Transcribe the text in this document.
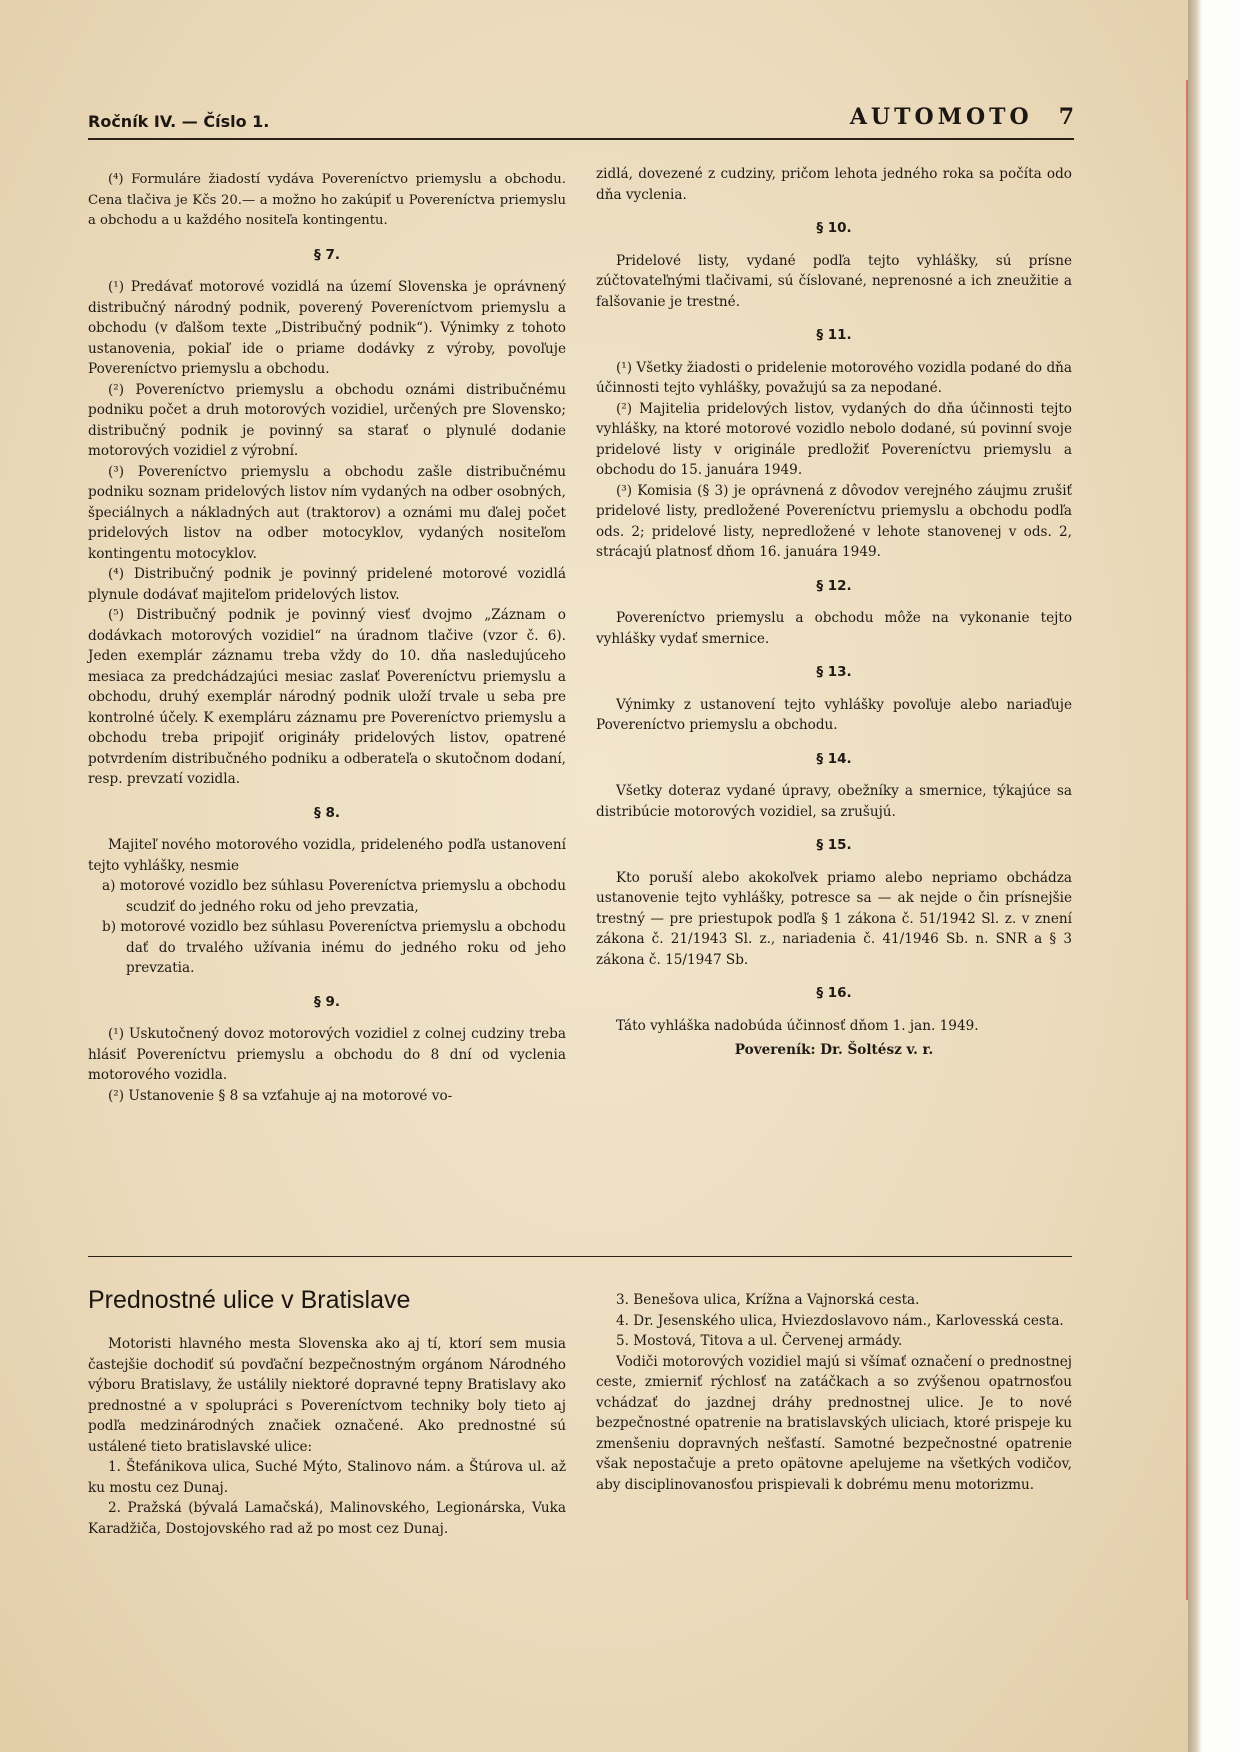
Ročník IV. — Číslo 1.	AUTOMOTO 7

(⁴) Formuláre žiadostí vydáva Povereníctvo priemyslu a obchodu. Cena tlačiva je Kčs 20.— a možno ho zakúpiť u Povereníctva priemyslu a obchodu a u každého nositeľa kontingentu.

§ 7.

(¹) Predávať motorové vozidlá na území Slovenska je oprávnený distribučný národný podnik, poverený Povereníctvom priemyslu a obchodu (v ďalšom texte „Distribučný podnik“). Výnimky z tohoto ustanovenia, pokiaľ ide o priame dodávky z výroby, povoľuje Povereníctvo priemyslu a obchodu.

(²) Povereníctvo priemyslu a obchodu oznámi distribučnému podniku počet a druh motorových vozidiel, určených pre Slovensko; distribučný podnik je povinný sa starať o plynulé dodanie motorových vozidiel z výrobní.

(³) Povereníctvo priemyslu a obchodu zašle distribučnému podniku soznam pridelových listov ním vydaných na odber osobných, špeciálnych a nákladných aut (traktorov) a oznámi mu ďalej počet pridelových listov na odber motocyklov, vydaných nositeľom kontingentu motocyklov.

(⁴) Distribučný podnik je povinný pridelené motorové vozidlá plynule dodávať majiteľom pridelových listov.

(⁵) Distribučný podnik je povinný viesť dvojmo „Záznam o dodávkach motorových vozidiel“ na úradnom tlačive (vzor č. 6). Jeden exemplár záznamu treba vždy do 10. dňa nasledujúceho mesiaca za predchádzajúci mesiac zaslať Povereníctvu priemyslu a obchodu, druhý exemplár národný podnik uloží trvale u seba pre kontrolné účely. K exempláru záznamu pre Povereníctvo priemyslu a obchodu treba pripojiť origináły pridelových listov, opatrené potvrdením distribučného podniku a odberateľa o skutočnom dodaní, resp. prevzatí vozidla.

§ 8.

Majiteľ nového motorového vozidla, prideleného podľa ustanovení tejto vyhlášky, nesmie

a) motorové vozidlo bez súhlasu Povereníctva priemyslu a obchodu scudziť do jedného roku od jeho prevzatia,
b) motorové vozidlo bez súhlasu Povereníctva priemyslu a obchodu dať do trvalého užívania inému do jedného roku od jeho prevzatia.
§ 9.

(¹) Uskutočnený dovoz motorových vozidiel z colnej cudziny treba hlásiť Povereníctvu priemyslu a obchodu do 8 dní od vyclenia motorového vozidla.

(²) Ustanovenie § 8 sa vzťahuje aj na motorové vo-

zidlá, dovezené z cudziny, pričom lehota jedného roka sa počíta odo dňa vyclenia.

§ 10.

Pridelové listy, vydané podľa tejto vyhlášky, sú prísne zúčtovateľnými tlačivami, sú číslované, neprenosné a ich zneužitie a falšovanie je trestné.

§ 11.

(¹) Všetky žiadosti o pridelenie motorového vozidla podané do dňa účinnosti tejto vyhlášky, považujú sa za nepodané.

(²) Majitelia pridelových listov, vydaných do dňa účinnosti tejto vyhlášky, na ktoré motorové vozidlo nebolo dodané, sú povinní svoje pridelové listy v originále predložiť Povereníctvu priemyslu a obchodu do 15. januára 1949.

(³) Komisia (§ 3) je oprávnená z dôvodov verejného záujmu zrušiť pridelové listy, predložené Povereníctvu priemyslu a obchodu podľa ods. 2; pridelové listy, nepredložené v lehote stanovenej v ods. 2, strácajú platnosť dňom 16. januára 1949.

§ 12.

Povereníctvo priemyslu a obchodu môže na vykonanie tejto vyhlášky vydať smernice.

§ 13.

Výnimky z ustanovení tejto vyhlášky povoľuje alebo nariaďuje Povereníctvo priemyslu a obchodu.

§ 14.

Všetky doteraz vydané úpravy, obežníky a smernice, týkajúce sa distribúcie motorových vozidiel, sa zrušujú.

§ 15.

Kto poruší alebo akokoľvek priamo alebo nepriamo obchádza ustanovenie tejto vyhlášky, potresce sa — ak nejde o čin prísnejšie trestný — pre priestupok podľa § 1 zákona č. 51/1942 Sl. z. v znení zákona č. 21/1943 Sl. z., nariadenia č. 41/1946 Sb. n. SNR a § 3 zákona č. 15/1947 Sb.

§ 16.

Táto vyhláška nadobúda účinnosť dňom 1. jan. 1949.

Povereník: Dr. Šoltész v. r.
Prednostné ulice v Bratislave

Motoristi hlavného mesta Slovenska ako aj tí, ktorí sem musia častejšie dochodiť sú povďační bezpečnostným orgánom Národného výboru Bratislavy, že ustálily niektoré dopravné tepny Bratislavy ako prednostné a v spolupráci s Povereníctvom techniky boly tieto aj podľa medzinárodných značiek označené. Ako prednostné sú ustálené tieto bratislavské ulice:

1. Štefánikova ulica, Suché Mýto, Stalinovo nám. a Štúrova ul. až ku mostu cez Dunaj.

2. Pražská (bývalá Lamačská), Malinovského, Legionárska, Vuka Karadžiča, Dostojovského rad až po most cez Dunaj.

3. Benešova ulica, Krížna a Vajnorská cesta.

4. Dr. Jesenského ulica, Hviezdoslavovo nám., Karlovesská cesta.

5. Mostová, Titova a ul. Červenej armády.

Vodiči motorových vozidiel majú si všímať označení o prednostnej ceste, zmierniť rýchlosť na zatáčkach a so zvýšenou opatrnosťou vchádzať do jazdnej dráhy prednostnej ulice. Je to nové bezpečnostné opatrenie na bratislavských uliciach, ktoré prispeje ku zmenšeniu dopravných nešťastí. Samotné bezpečnostné opatrenie však nepostačuje a preto opätovne apelujeme na všetkých vodičov, aby disciplinovanosťou prispievali k dobrému menu motorizmu.
